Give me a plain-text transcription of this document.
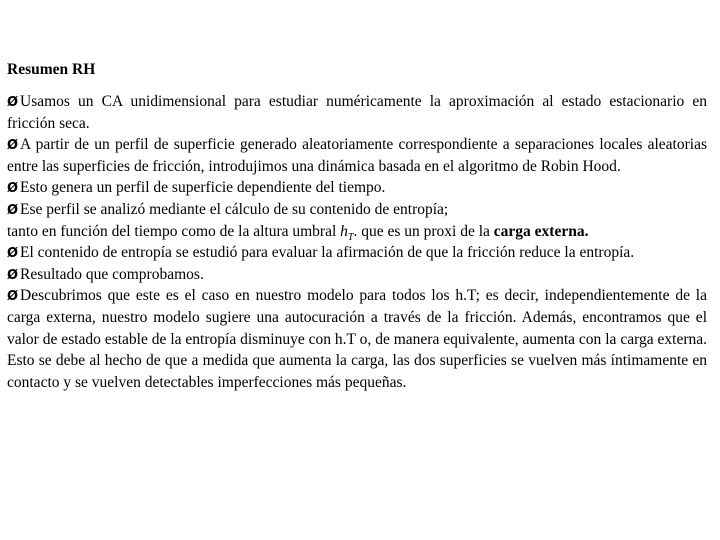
Resumen RH

Ø Usamos un CA unidimensional para estudiar numéricamente la aproximación al estado estacionario en fricción seca.

Ø A partir de un perfil de superficie generado aleatoriamente correspondiente a separaciones locales aleatorias entre las superficies de fricción, introdujimos una dinámica basada en el algoritmo de Robin Hood.

Ø Esto genera un perfil de superficie dependiente del tiempo.

Ø Ese perfil se analizó mediante el cálculo de su contenido de entropía;

tanto en función del tiempo como de la altura umbral $h_T$. que es un proxi de la carga externa.

Ø El contenido de entropía se estudió para evaluar la afirmación de que la fricción reduce la entropía.

Ø Resultado que comprobamos.

Ø Descubrimos que este es el caso en nuestro modelo para todos los h.T; es decir, independientemente de la carga externa, nuestro modelo sugiere una autocuración a través de la fricción. Además, encontramos que el valor de estado estable de la entropía disminuye con h.T o, de manera equivalente, aumenta con la carga externa. Esto se debe al hecho de que a medida que aumenta la carga, las dos superficies se vuelven más íntimamente en contacto y se vuelven detectables imperfecciones más pequeñas.
